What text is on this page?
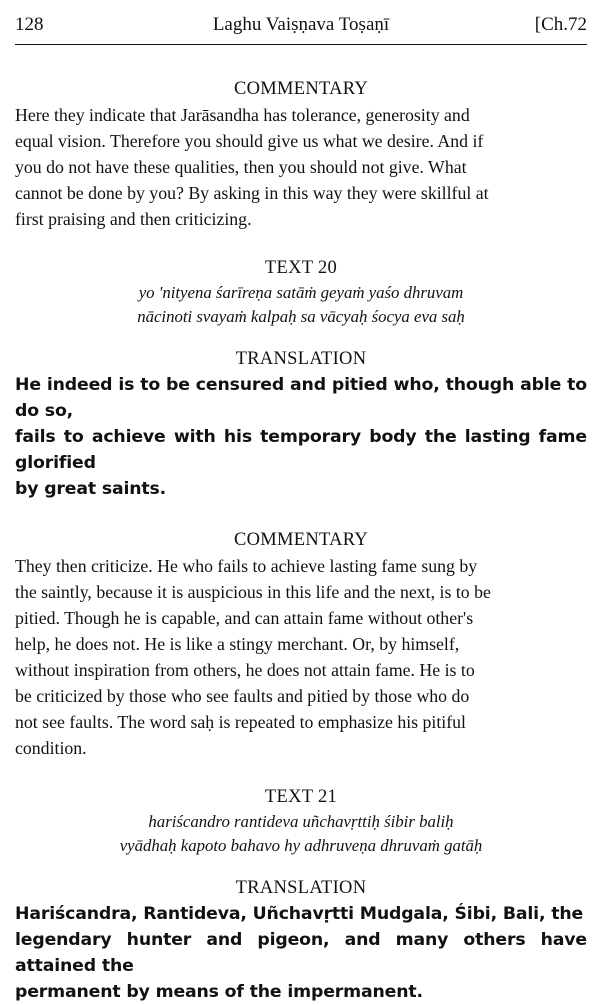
128	Laghu Vaiṣṇava Toṣaṇī	[Ch.72
COMMENTARY
Here they indicate that Jarāsandha has tolerance, generosity and
equal vision. Therefore you should give us what we desire. And if
you do not have these qualities, then you should not give. What
cannot be done by you? By asking in this way they were skillful at
first praising and then criticizing.
TEXT 20
yo 'nityena śarīreṇa satāṁ geyaṁ yaśo dhruvam
nācinoti svayaṁ kalpaḥ sa vācyaḥ śocya eva saḥ
TRANSLATION
He indeed is to be censured and pitied who, though able to do so,
fails to achieve with his temporary body the lasting fame glorified
by great saints.
COMMENTARY
They then criticize. He who fails to achieve lasting fame sung by
the saintly, because it is auspicious in this life and the next, is to be
pitied. Though he is capable, and can attain fame without other's
help, he does not. He is like a stingy merchant. Or, by himself,
without inspiration from others, he does not attain fame. He is to
be criticized by those who see faults and pitied by those who do
not see faults. The word saḥ is repeated to emphasize his pitiful
condition.
TEXT 21
hariścandro rantideva uñchavṛttiḥ śibir baliḥ
vyādhaḥ kapoto bahavo hy adhruveṇa dhruvaṁ gatāḥ
TRANSLATION
Hariścandra, Rantideva, Uñchavṛtti Mudgala, Śibi, Bali, the
legendary hunter and pigeon, and many others have attained the
permanent by means of the impermanent.
